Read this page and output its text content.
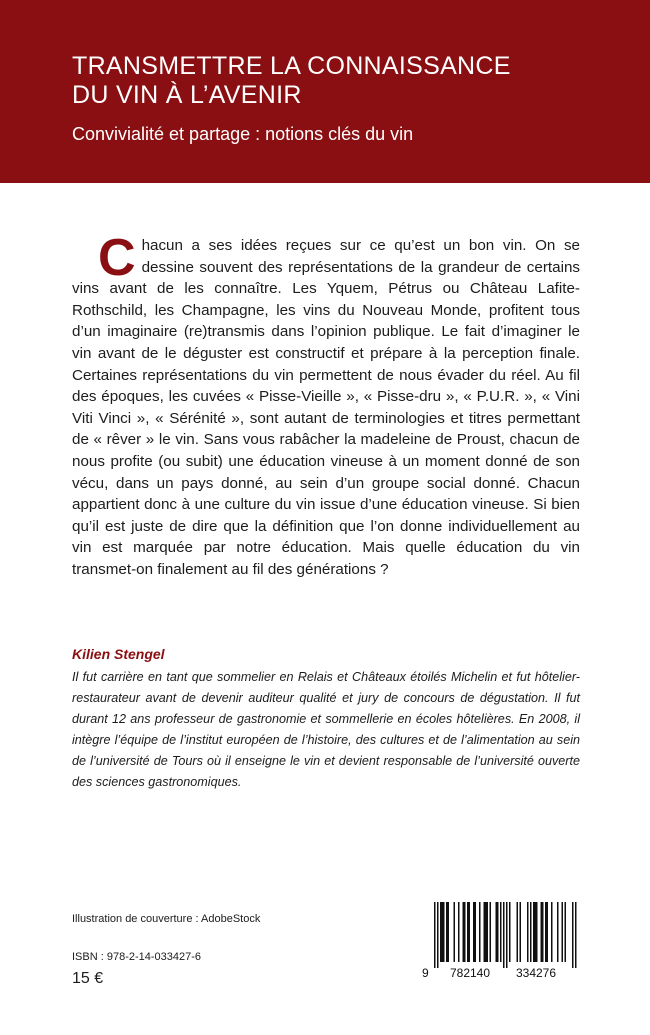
TRANSMETTRE LA CONNAISSANCE
DU VIN À L’AVENIR

Convivialité et partage : notions clés du vin

Chacun a ses idées reçues sur ce qu’est un bon vin. On se dessine souvent des représentations de la grandeur de certains vins avant de les connaître. Les Yquem, Pétrus ou Château Lafite-Rothschild, les Champagne, les vins du Nouveau Monde, profitent tous d’un imaginaire (re)transmis dans l’opinion publique. Le fait d’imaginer le vin avant de le déguster est constructif et prépare à la perception finale. Certaines représentations du vin permettent de nous évader du réel. Au fil des époques, les cuvées « Pisse-Vieille », « Pisse-dru », « P.U.R. », « Vini Viti Vinci », « Sérénité », sont autant de terminologies et titres permettant de « rêver » le vin. Sans vous rabâcher la madeleine de Proust, chacun de nous profite (ou subit) une éducation vineuse à un moment donné de son vécu, dans un pays donné, au sein d’un groupe social donné. Chacun appartient donc à une culture du vin issue d’une éducation vineuse. Si bien qu’il est juste de dire que la définition que l’on donne individuellement au vin est marquée par notre éducation. Mais quelle éducation du vin transmet-on finalement au fil des générations ?

Kilien Stengel

Il fut carrière en tant que sommelier en Relais et Châteaux étoilés Michelin et fut hôtelier-restaurateur avant de devenir auditeur qualité et jury de concours de dégustation. Il fut durant 12 ans professeur de gastronomie et sommellerie en écoles hôtelières. En 2008, il intègre l’équipe de l’institut européen de l’histoire, des cultures et de l’alimentation au sein de l’université de Tours où il enseigne le vin et devient responsable de l’université ouverte des sciences gastronomiques.

Illustration de couverture : AdobeStock

ISBN : 978-2-14-033427-6

15 €	9 782140 334276
